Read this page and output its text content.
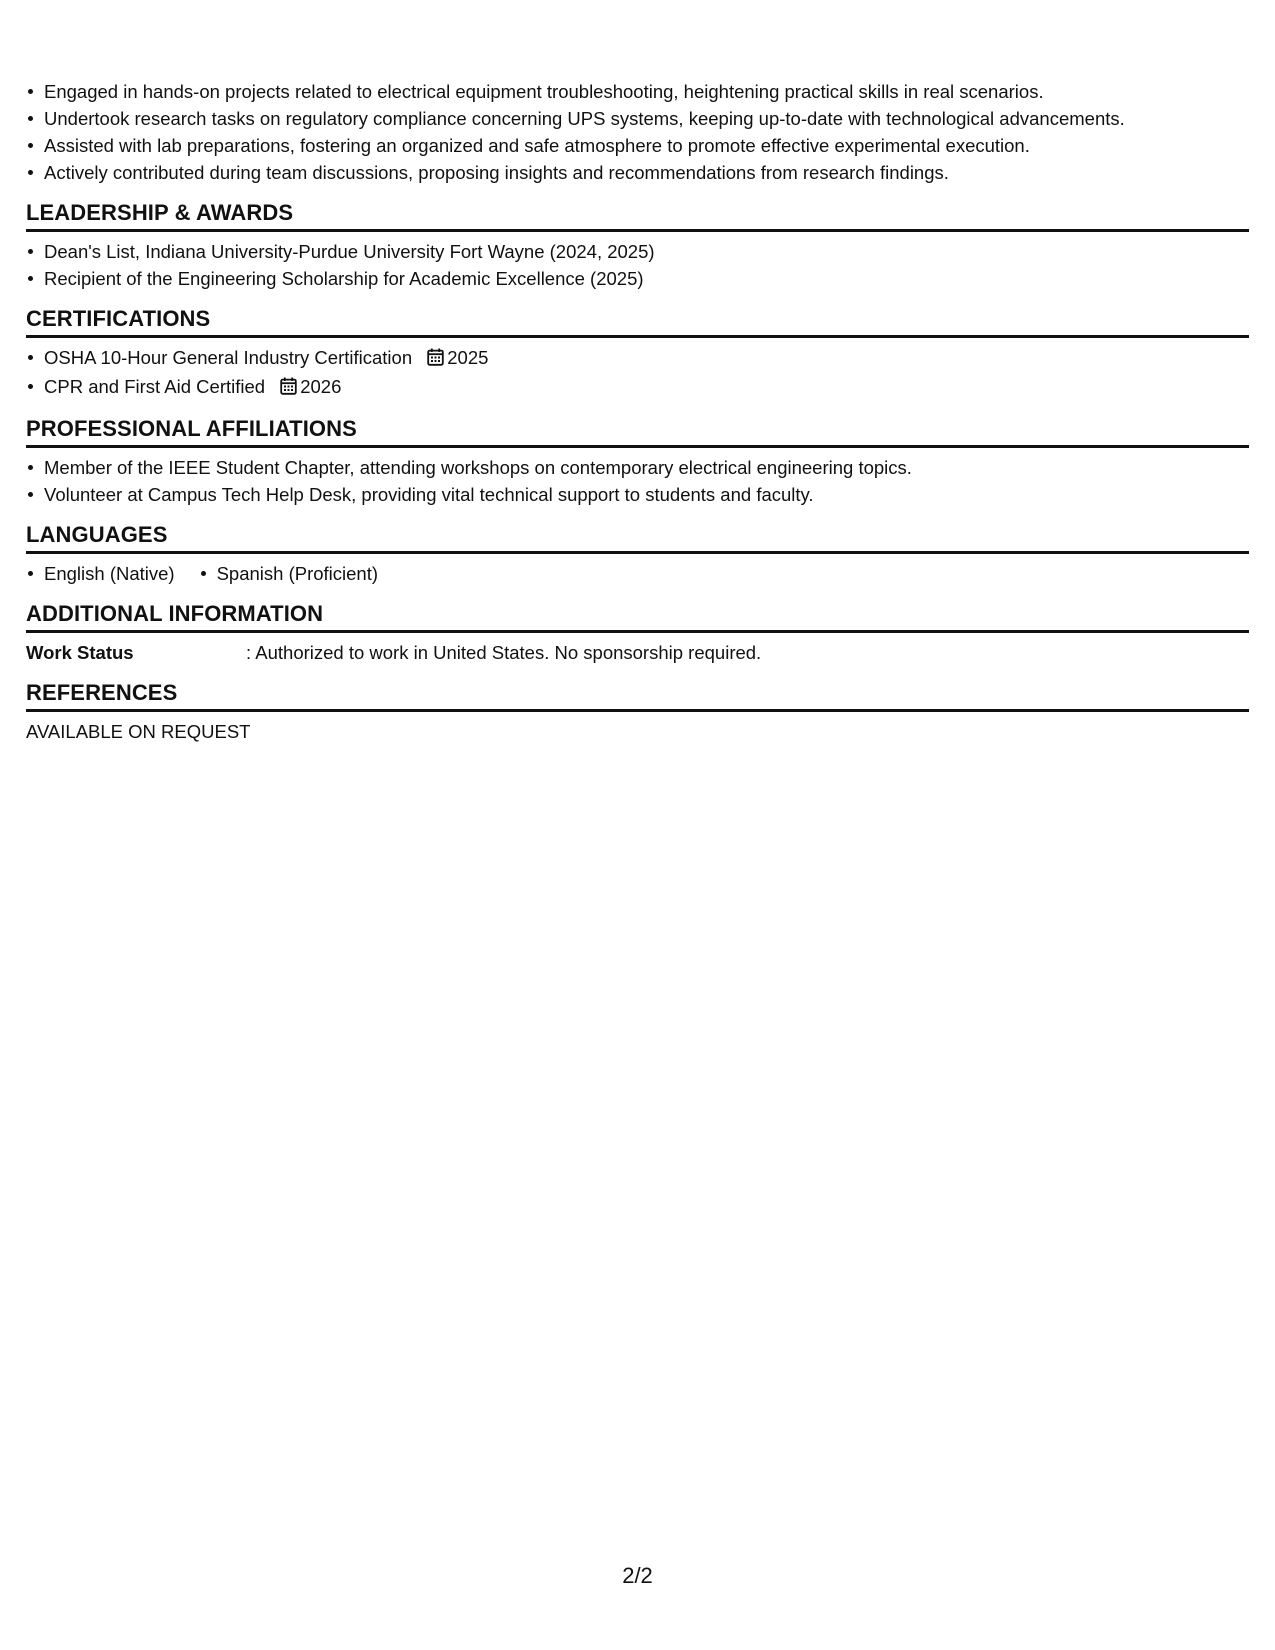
Engaged in hands-on projects related to electrical equipment troubleshooting, heightening practical skills in real scenarios.
Undertook research tasks on regulatory compliance concerning UPS systems, keeping up-to-date with technological advancements.
Assisted with lab preparations, fostering an organized and safe atmosphere to promote effective experimental execution.
Actively contributed during team discussions, proposing insights and recommendations from research findings.
LEADERSHIP & AWARDS
Dean's List, Indiana University-Purdue University Fort Wayne (2024, 2025)
Recipient of the Engineering Scholarship for Academic Excellence (2025)
CERTIFICATIONS
OSHA 10-Hour General Industry Certification 2025
CPR and First Aid Certified 2026
PROFESSIONAL AFFILIATIONS
Member of the IEEE Student Chapter, attending workshops on contemporary electrical engineering topics.
Volunteer at Campus Tech Help Desk, providing vital technical support to students and faculty.
LANGUAGES
English (Native)	Spanish (Proficient)
ADDITIONAL INFORMATION
Work Status	: Authorized to work in United States. No sponsorship required.
REFERENCES
AVAILABLE ON REQUEST
2/2
